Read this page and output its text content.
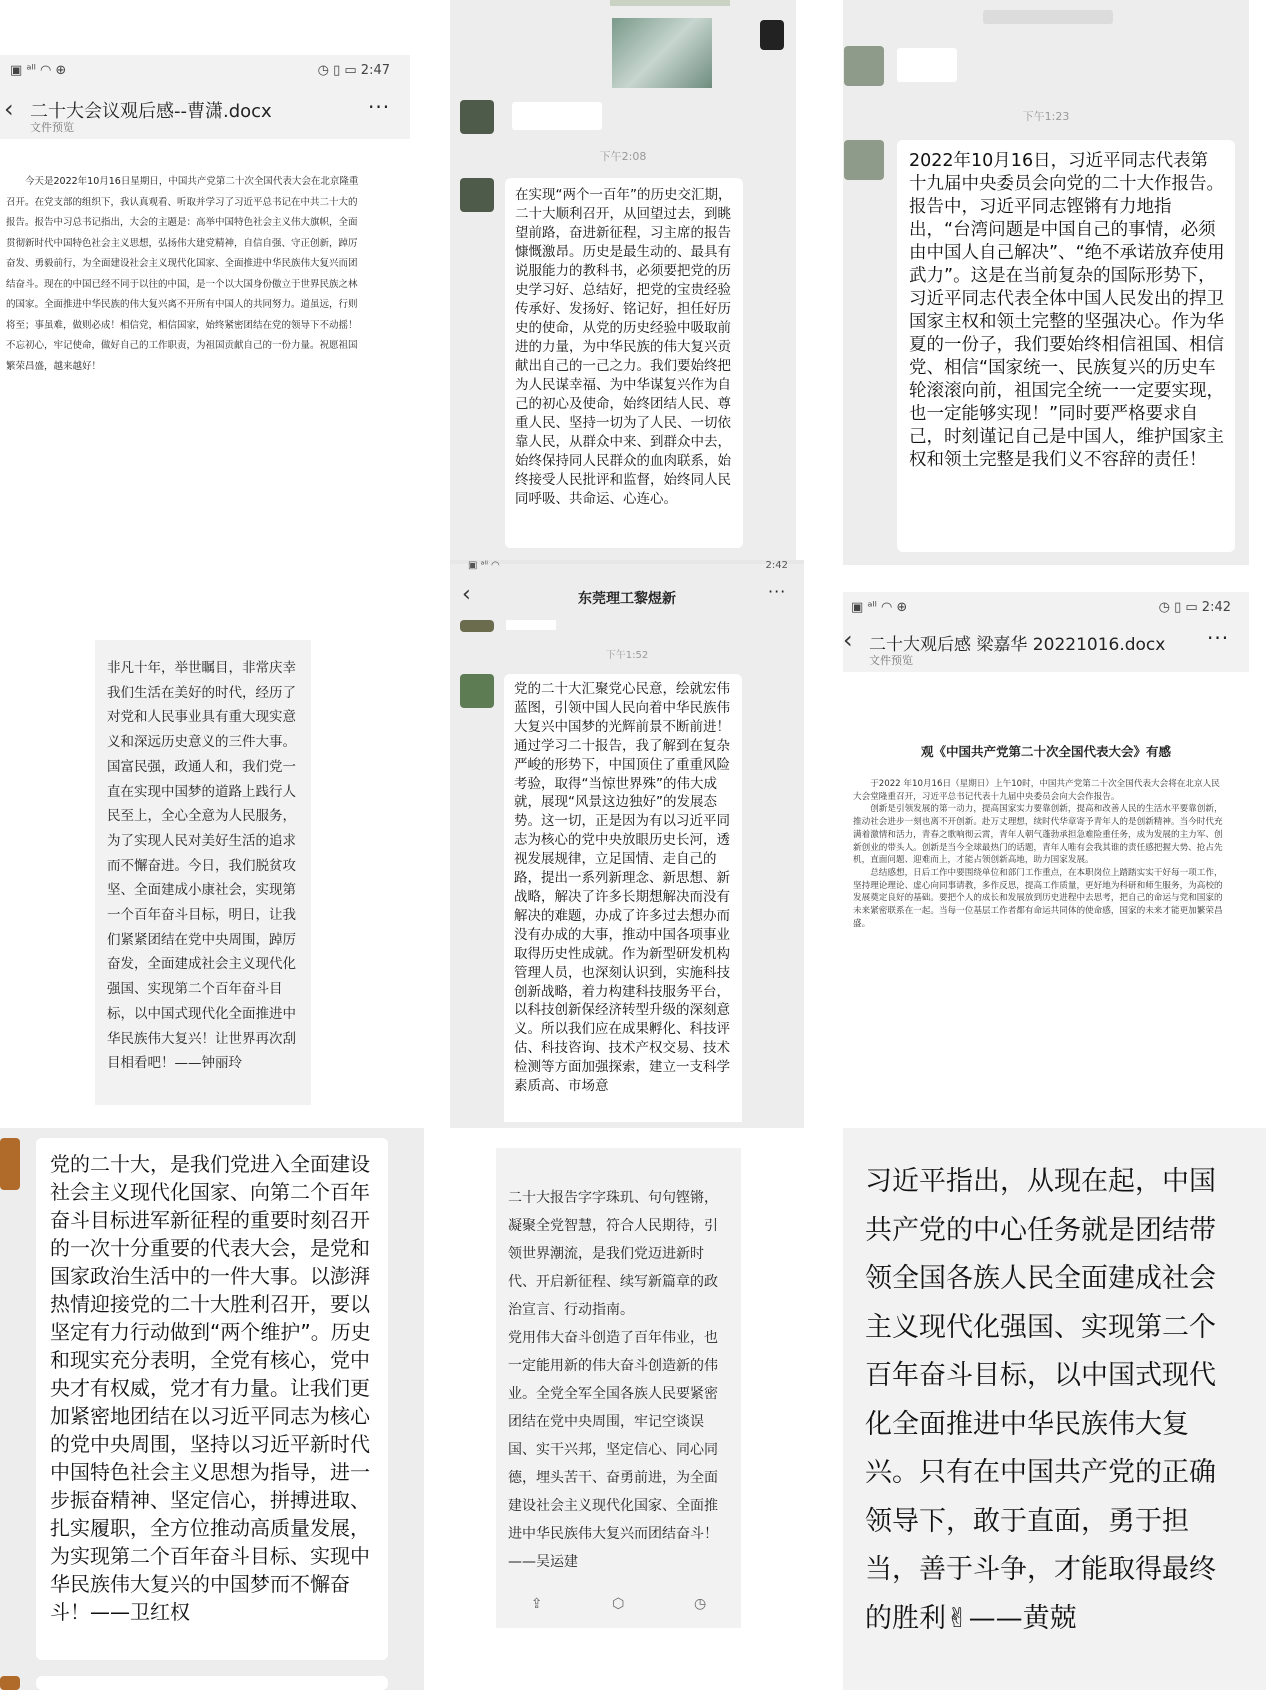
▣ ᵃˡˡ ◠ ⊕	◷ ▯ ▭ 2:47
‹ 二十大会议观后感--曹潇.docx
文件预览
···
今天是2022年10月16日星期日，中国共产党第二十次全国代表大会在北京隆重召开。在党支部的组织下，我认真观看、听取并学习了习近平总书记在中共二十大的报告。报告中习总书记指出，大会的主题是：高举中国特色社会主义伟大旗帜，全面贯彻新时代中国特色社会主义思想，弘扬伟大建党精神，自信自强、守正创新，踔厉奋发、勇毅前行，为全面建设社会主义现代化国家、全面推进中华民族伟大复兴而团结奋斗。现在的中国已经不同于以往的中国，是一个以大国身份傲立于世界民族之林的国家。全面推进中华民族的伟大复兴离不开所有中国人的共同努力。道虽远，行则将至；事虽难，做则必成！相信党，相信国家，始终紧密团结在党的领导下不动摇！不忘初心，牢记使命，做好自己的工作职责，为祖国贡献自己的一份力量。祝愿祖国繁荣昌盛，越来越好！
下午2:08
在实现“两个一百年”的历史交汇期，二十大顺利召开，从回望过去，到眺望前路，奋进新征程，习主席的报告慷慨激昂。历史是最生动的、最具有说服能力的教科书，必须要把党的历史学习好、总结好，把党的宝贵经验传承好、发扬好、铭记好，担任好历史的使命，从党的历史经验中吸取前进的力量，为中华民族的伟大复兴贡献出自己的一己之力。我们要始终把为人民谋幸福、为中华谋复兴作为自己的初心及使命，始终团结人民、尊重人民、坚持一切为了人民、一切依靠人民，从群众中来、到群众中去，始终保持同人民群众的血肉联系，始终接受人民批评和监督，始终同人民同呼吸、共命运、心连心。
下午1:23
2022年10月16日，习近平同志代表第十九届中央委员会向党的二十大作报告。报告中，习近平同志铿锵有力地指出，“台湾问题是中国自己的事情，必须由中国人自己解决”、“绝不承诺放弃使用武力”。这是在当前复杂的国际形势下，习近平同志代表全体中国人民发出的捍卫国家主权和领土完整的坚强决心。作为华夏的一份子，我们要始终相信祖国、相信党、相信“国家统一、民族复兴的历史车轮滚滚向前，祖国完全统一一定要实现，也一定能够实现！”同时要严格要求自己，时刻谨记自己是中国人，维护国家主权和领土完整是我们义不容辞的责任！
非凡十年，举世瞩目，非常庆幸我们生活在美好的时代，经历了对党和人民事业具有重大现实意义和深远历史意义的三件大事。国富民强，政通人和，我们党一直在实现中国梦的道路上践行人民至上，全心全意为人民服务，为了实现人民对美好生活的追求而不懈奋进。今日，我们脱贫攻坚、全面建成小康社会，实现第一个百年奋斗目标，明日，让我们紧紧团结在党中央周围，踔厉奋发，全面建成社会主义现代化强国、实现第二个百年奋斗目标，以中国式现代化全面推进中华民族伟大复兴！让世界再次刮目相看吧！——钟丽玲
▣ ᵃˡˡ ◠	2:42
‹	东莞理工黎煜新	···
下午1:52
党的二十大汇聚党心民意，绘就宏伟蓝图，引领中国人民向着中华民族伟大复兴中国梦的光辉前景不断前进！通过学习二十报告，我了解到在复杂严峻的形势下，中国顶住了重重风险考验，取得“当惊世界殊”的伟大成就，展现“风景这边独好”的发展态势。这一切，正是因为有以习近平同志为核心的党中央放眼历史长河，透视发展规律，立足国情、走自己的路，提出一系列新理念、新思想、新战略，解决了许多长期想解决而没有解决的难题，办成了许多过去想办而没有办成的大事，推动中国各项事业取得历史性成就。作为新型研发机构管理人员，也深刻认识到，实施科技创新战略，着力构建科技服务平台，以科技创新保经济转型升级的深刻意义。所以我们应在成果孵化、科技评估、科技咨询、技术产权交易、技术检测等方面加强探索，建立一支科学素质高、市场意
▣ ᵃˡˡ ◠ ⊕	◷ ▯ ▭ 2:42
‹ 二十大观后感 梁嘉华 20221016.docx
文件预览
···
观《中国共产党第二十次全国代表大会》有感

于2022 年10月16日（星期日）上午10时，中国共产党第二十次全国代表大会将在北京人民大会堂隆重召开，习近平总书记代表十九届中央委员会向大会作报告。

创新是引领发展的第一动力，提高国家实力要靠创新，提高和改善人民的生活水平要靠创新，推动社会进步一刻也离不开创新。赴万丈理想，续时代华章寄予青年人的是创新精神。当今时代充满着激情和活力，青春之歌响彻云霄，青年人朝气蓬勃承担急难险重任务，成为发展的主力军、创新创业的带头人。创新是当今全球最热门的话题，青年人唯有会我其谁的责任感把握大势、抢占先机，直面问题、迎难而上，才能占领创新高地，助力国家发展。

总结感想，日后工作中要围绕单位和部门工作重点，在本职岗位上踏踏实实干好每一项工作，坚持理论理论、虚心向同事请教，多作反思，提高工作质量，更好地为科研和师生服务，为高校的发展奠定良好的基础。要把个人的成长和发展放到历史进程中去思考，把自己的命运与党和国家的未来紧密联系在一起。当每一位基层工作者都有命运共同体的使命感，国家的未来才能更加繁荣昌盛。

党的二十大，是我们党进入全面建设社会主义现代化国家、向第二个百年奋斗目标进军新征程的重要时刻召开的一次十分重要的代表大会，是党和国家政治生活中的一件大事。以澎湃热情迎接党的二十大胜利召开，要以坚定有力行动做到“两个维护”。历史和现实充分表明，全党有核心，党中央才有权威，党才有力量。让我们更加紧密地团结在以习近平同志为核心的党中央周围，坚持以习近平新时代中国特色社会主义思想为指导，进一步振奋精神、坚定信心，拼搏进取、扎实履职，全方位推动高质量发展，为实现第二个百年奋斗目标、实现中华民族伟大复兴的中国梦而不懈奋斗！——卫红权

二十大报告字字珠玑、句句铿锵，凝聚全党智慧，符合人民期待，引领世界潮流，是我们党迈进新时代、开启新征程、续写新篇章的政治宣言、行动指南。

党用伟大奋斗创造了百年伟业，也一定能用新的伟大奋斗创造新的伟业。全党全军全国各族人民要紧密团结在党中央周围，牢记空谈误国、实干兴邦，坚定信心、同心同德，埋头苦干、奋勇前进，为全面建设社会主义现代化国家、全面推进中华民族伟大复兴而团结奋斗！——吴运建

⇪	⬡	◷
习近平指出，从现在起，中国共产党的中心任务就是团结带领全国各族人民全面建成社会主义现代化强国、实现第二个百年奋斗目标，以中国式现代化全面推进中华民族伟大复兴。只有在中国共产党的正确领导下，敢于直面，勇于担当，善于斗争，才能取得最终的胜利✌——黄兢
